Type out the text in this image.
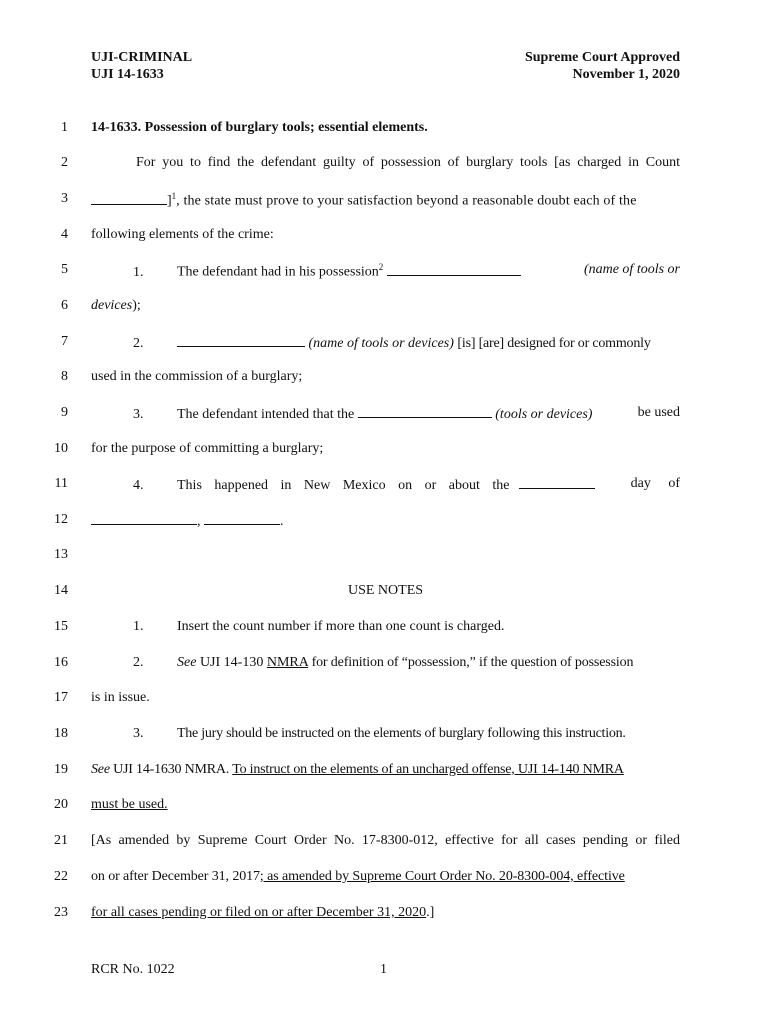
UJI-CRIMINAL
UJI 14-1633
Supreme Court Approved
November 1, 2020
1 14-1633. Possession of burglary tools; essential elements.
2	For you to find the defendant guilty of possession of burglary tools [as charged in Count
3	]$^1$, the state must prove to your satisfaction beyond a reasonable doubt each of the
4 following elements of the crime:
5	1. The defendant had in his possession$^2$	(name of tools or
6 devices);
7	2.	(name of tools or devices) [is] [are] designed for or commonly
8 used in the commission of a burglary;
9	3. The defendant intended that the	(tools or devices)	be used
10 for the purpose of committing a burglary;
11	4. This happened in New Mexico on or about the	day of
12	,	.
13
14	USE NOTES
15	1. Insert the count number if more than one count is charged.
16	2. See UJI 14-130 NMRA for definition of “possession,” if the question of possession
17 is in issue.
18	3. The jury should be instructed on the elements of burglary following this instruction.
19 See UJI 14-1630 NMRA. To instruct on the elements of an uncharged offense, UJI 14-140 NMRA
20 must be used.
21 [As amended by Supreme Court Order No. 17-8300-012, effective for all cases pending or filed
22 on or after December 31, 2017; as amended by Supreme Court Order No. 20-8300-004, effective
23 for all cases pending or filed on or after December 31, 2020.]
RCR No. 1022	1
